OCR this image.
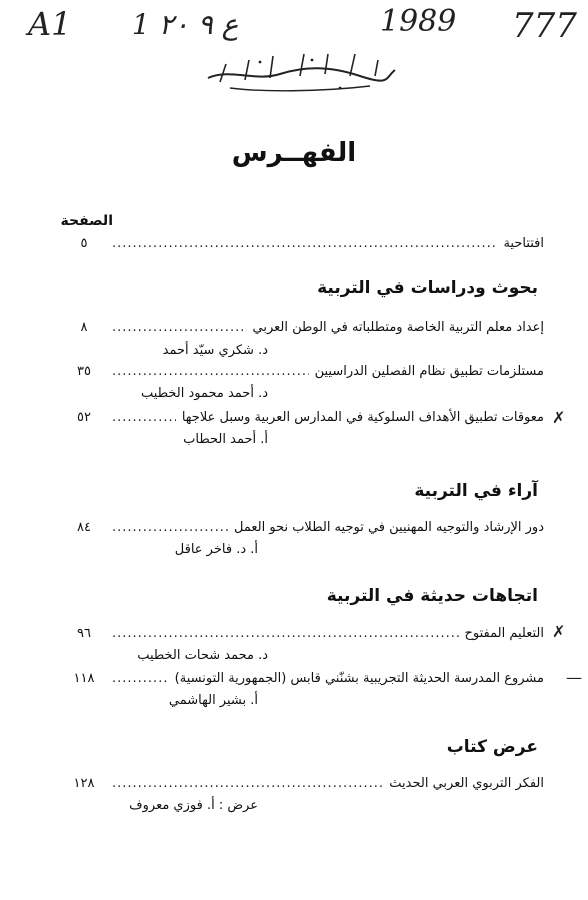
A1 1 ع ٩ ٢٠	1989 777
الفهــرس
الصفحة
افتتاحية
.....
٥
بحوث ودراسات في التربية
إعداد معلم التربية الخاصة ومتطلباته في الوطن العربي
.....
٨
د. شكري سيّد أحمد
مستلزمات تطبيق نظام الفصلين الدراسيين
.....
٣٥
د. أحمد محمود الخطيب
معوقات تطبيق الأهداف السلوكية في المدارس العربية وسبل علاجها
.....
٥٢
أ. أحمد الحطاب
✗
آراء في التربية
دور الإرشاد والتوجيه المهنيين في توجيه الطلاب نحو العمل
.....
٨٤
أ. د. فاخر عاقل
اتجاهات حديثة في التربية
التعليم المفتوح
.....
٩٦
د. محمد شحات الخطيب
✗
مشروع المدرسة الحديثة التجريبية بشنّني قابس (الجمهورية التونسية)
.....
١١٨
أ. بشير الهاشمي
—
عرض كتاب
الفكر التربوي العربي الحديث
.....
١٢٨
عرض : أ. فوزي معروف
